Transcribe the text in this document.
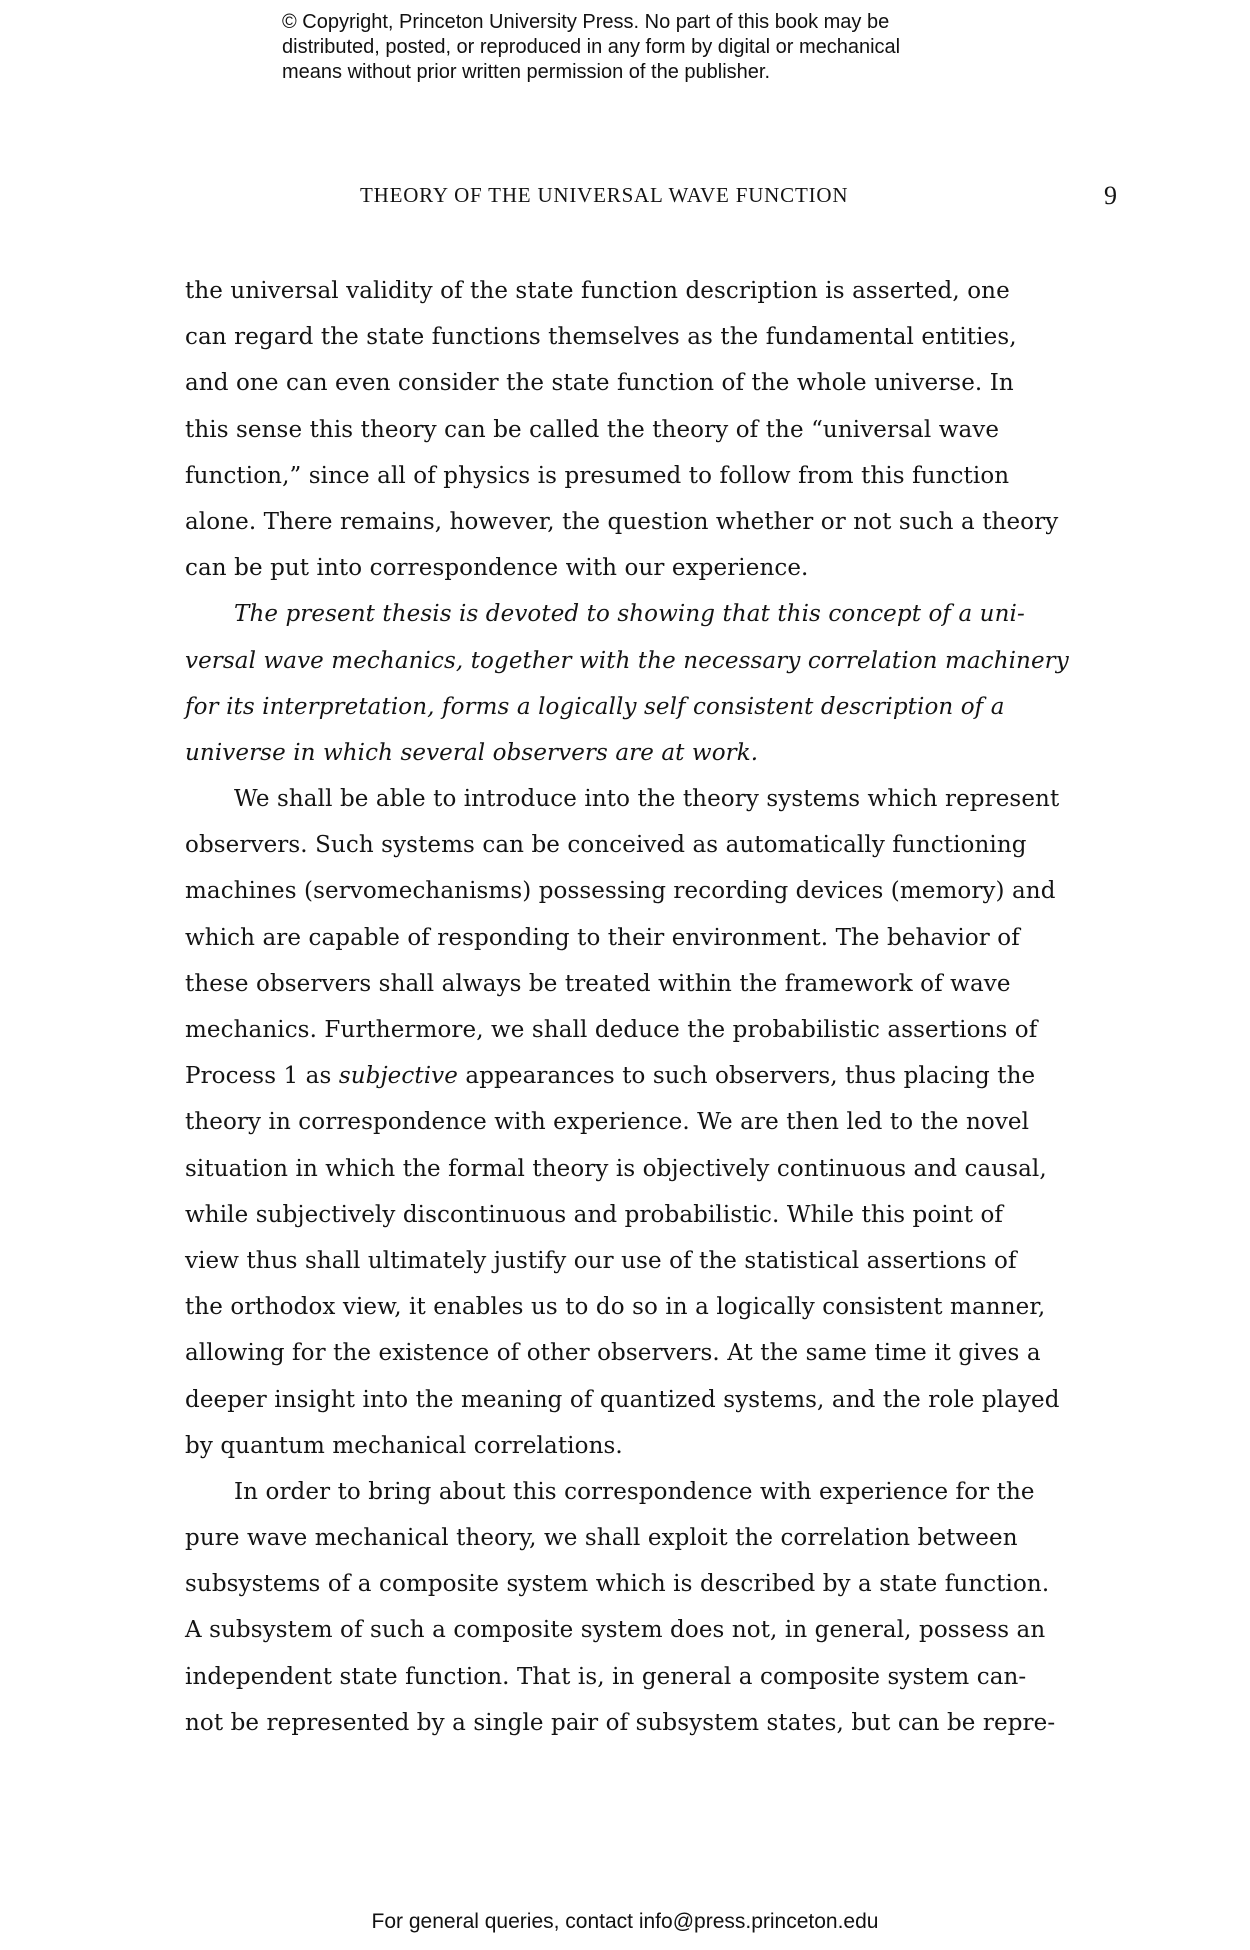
© Copyright, Princeton University Press. No part of this book may be
distributed, posted, or reproduced in any form by digital or mechanical
means without prior written permission of the publisher.
THEORY OF THE UNIVERSAL WAVE FUNCTION	9
the universal validity of the state function description is asserted, one
can regard the state functions themselves as the fundamental entities,
and one can even consider the state function of the whole universe. In
this sense this theory can be called the theory of the “universal wave
function,” since all of physics is presumed to follow from this function
alone. There remains, however, the question whether or not such a theory
can be put into correspondence with our experience.
The present thesis is devoted to showing that this concept of a uni-
versal wave mechanics, together with the necessary correlation machinery
for its interpretation, forms a logically self consistent description of a
universe in which several observers are at work.
We shall be able to introduce into the theory systems which represent
observers. Such systems can be conceived as automatically functioning
machines (servomechanisms) possessing recording devices (memory) and
which are capable of responding to their environment. The behavior of
these observers shall always be treated within the framework of wave
mechanics. Furthermore, we shall deduce the probabilistic assertions of
Process 1 as subjective appearances to such observers, thus placing the
theory in correspondence with experience. We are then led to the novel
situation in which the formal theory is objectively continuous and causal,
while subjectively discontinuous and probabilistic. While this point of
view thus shall ultimately justify our use of the statistical assertions of
the orthodox view, it enables us to do so in a logically consistent manner,
allowing for the existence of other observers. At the same time it gives a
deeper insight into the meaning of quantized systems, and the role played
by quantum mechanical correlations.
In order to bring about this correspondence with experience for the
pure wave mechanical theory, we shall exploit the correlation between
subsystems of a composite system which is described by a state function.
A subsystem of such a composite system does not, in general, possess an
independent state function. That is, in general a composite system can-
not be represented by a single pair of subsystem states, but can be repre-
For general queries, contact info@press.princeton.edu
